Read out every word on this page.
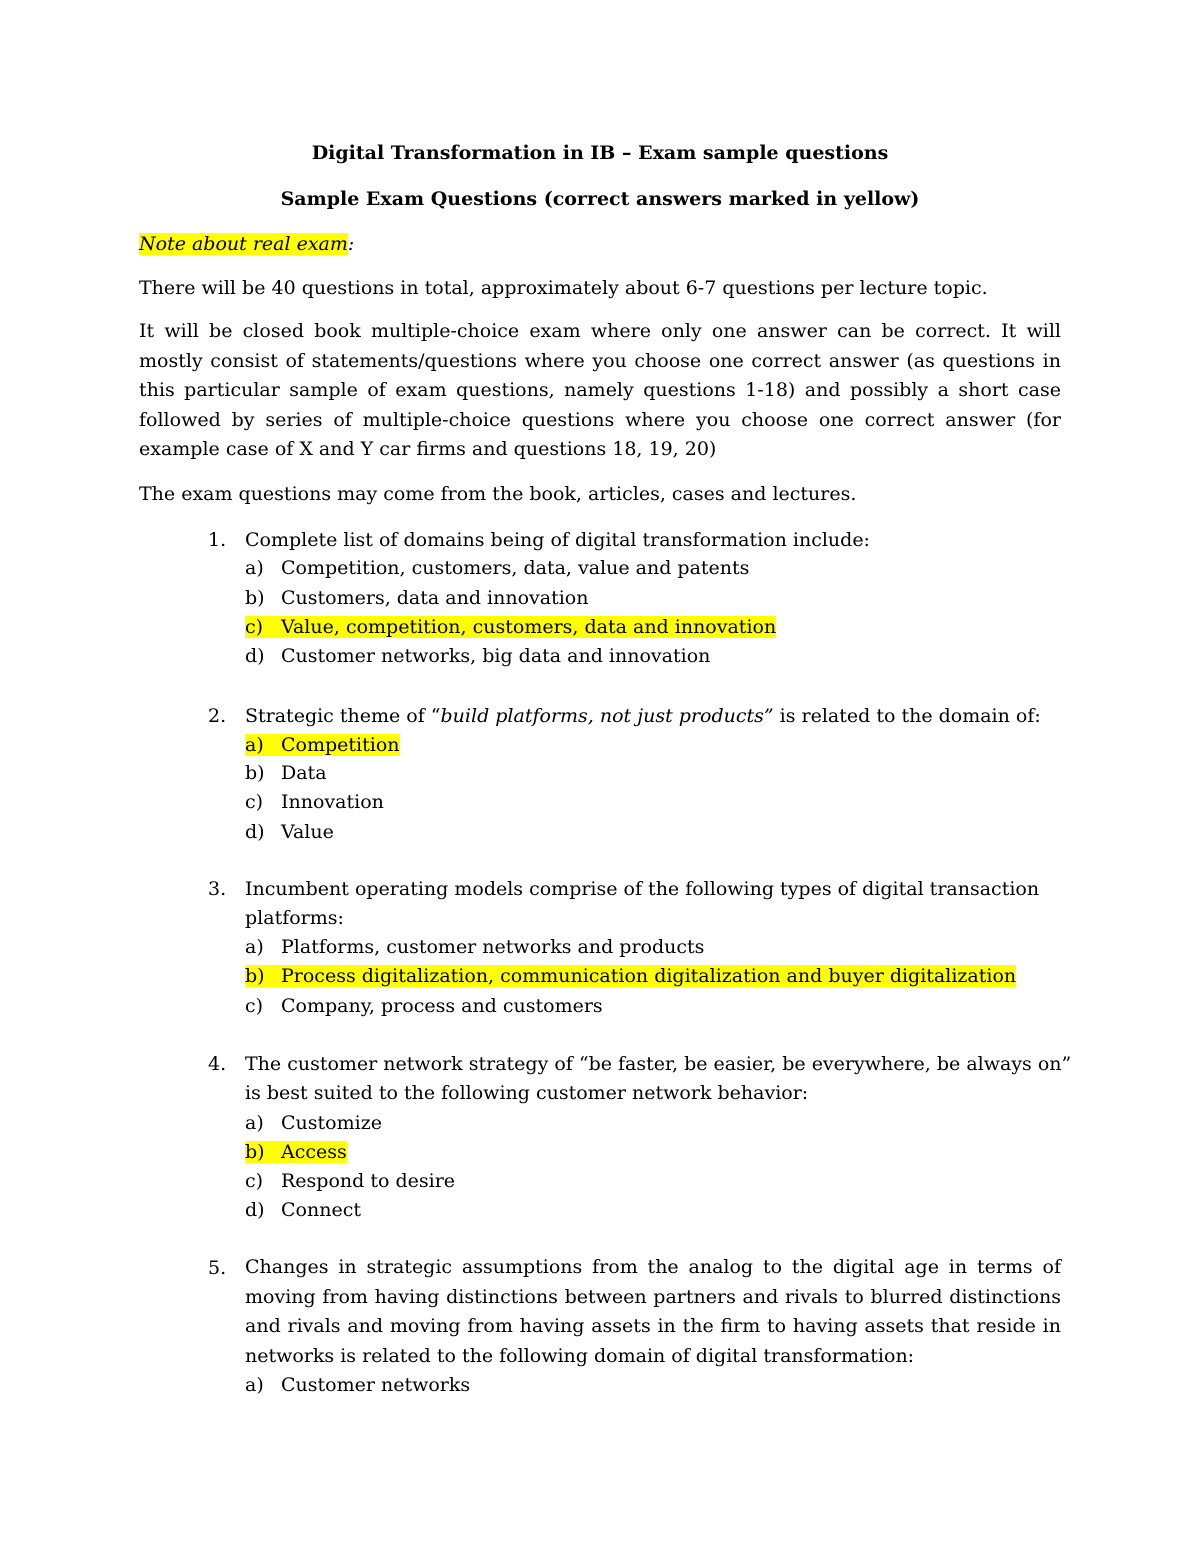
Digital Transformation in IB – Exam sample questions
Sample Exam Questions (correct answers marked in yellow)
Note about real exam:
There will be 40 questions in total, approximately about 6-7 questions per lecture topic.
It will be closed book multiple-choice exam where only one answer can be correct. It will mostly consist of statements/questions where you choose one correct answer (as questions in this particular sample of exam questions, namely questions 1-18) and possibly a short case followed by series of multiple-choice questions where you choose one correct answer (for example case of X and Y car firms and questions 18, 19, 20)
The exam questions may come from the book, articles, cases and lectures.
1. Complete list of domains being of digital transformation include:
a) Competition, customers, data, value and patents
b) Customers, data and innovation
c) Value, competition, customers, data and innovation
d) Customer networks, big data and innovation
2. Strategic theme of “build platforms, not just products” is related to the domain of:
a) Competition
b) Data
c) Innovation
d) Value
3. Incumbent operating models comprise of the following types of digital transaction
platforms:
a) Platforms, customer networks and products
b) Process digitalization, communication digitalization and buyer digitalization
c) Company, process and customers
4. The customer network strategy of “be faster, be easier, be everywhere, be always on”
is best suited to the following customer network behavior:
a) Customize
b) Access
c) Respond to desire
d) Connect
5. Changes in strategic assumptions from the analog to the digital age in terms of moving from having distinctions between partners and rivals to blurred distinctions and rivals and moving from having assets in the firm to having assets that reside in networks is related to the following domain of digital transformation:
a) Customer networks
